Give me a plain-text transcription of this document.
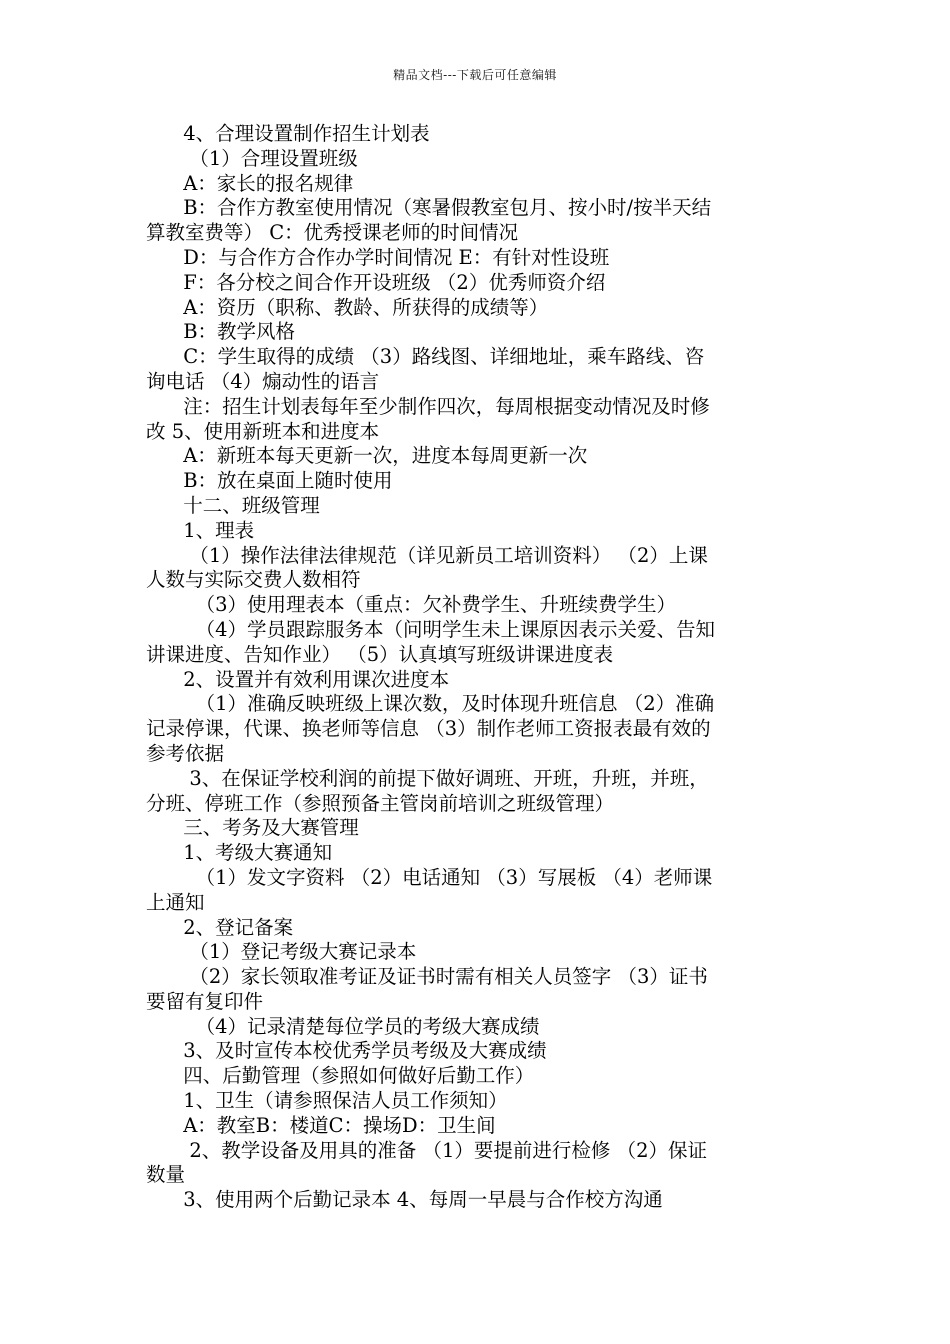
精品文档---下载后可任意编辑
4、合理设置制作招生计划表
（1）合理设置班级
A：家长的报名规律
B：合作方教室使用情况（寒暑假教室包月、按小时/按半天结
算教室费等） C：优秀授课老师的时间情况
D：与合作方合作办学时间情况 E：有针对性设班
F：各分校之间合作开设班级 （2）优秀师资介绍
A：资历（职称、教龄、所获得的成绩等）
B：教学风格
C：学生取得的成绩 （3）路线图、详细地址，乘车路线、咨
询电话 （4）煽动性的语言
注：招生计划表每年至少制作四次，每周根据变动情况及时修
改 5、使用新班本和进度本
A：新班本每天更新一次，进度本每周更新一次
B：放在桌面上随时使用
十二、班级管理
1、理表
（1）操作法律法律规范（详见新员工培训资料） （2）上课
人数与实际交费人数相符
（3）使用理表本（重点：欠补费学生、升班续费学生）
（4）学员跟踪服务本（问明学生未上课原因表示关爱、告知
讲课进度、告知作业） （5）认真填写班级讲课进度表
2、设置并有效利用课次进度本
（1）准确反映班级上课次数，及时体现升班信息 （2）准确
记录停课，代课、换老师等信息 （3）制作老师工资报表最有效的
参考依据
3、在保证学校利润的前提下做好调班、开班，升班，并班，
分班、停班工作（参照预备主管岗前培训之班级管理）
三、考务及大赛管理
1、考级大赛通知
（1）发文字资料 （2）电话通知 （3）写展板 （4）老师课
上通知
2、登记备案
（1）登记考级大赛记录本
（2）家长领取准考证及证书时需有相关人员签字 （3）证书
要留有复印件
（4）记录清楚每位学员的考级大赛成绩
3、及时宣传本校优秀学员考级及大赛成绩
四、后勤管理（参照如何做好后勤工作）
1、卫生（请参照保洁人员工作须知）
A：教室B：楼道C：操场D：卫生间
2、教学设备及用具的准备 （1）要提前进行检修 （2）保证
数量
3、使用两个后勤记录本 4、每周一早晨与合作校方沟通
